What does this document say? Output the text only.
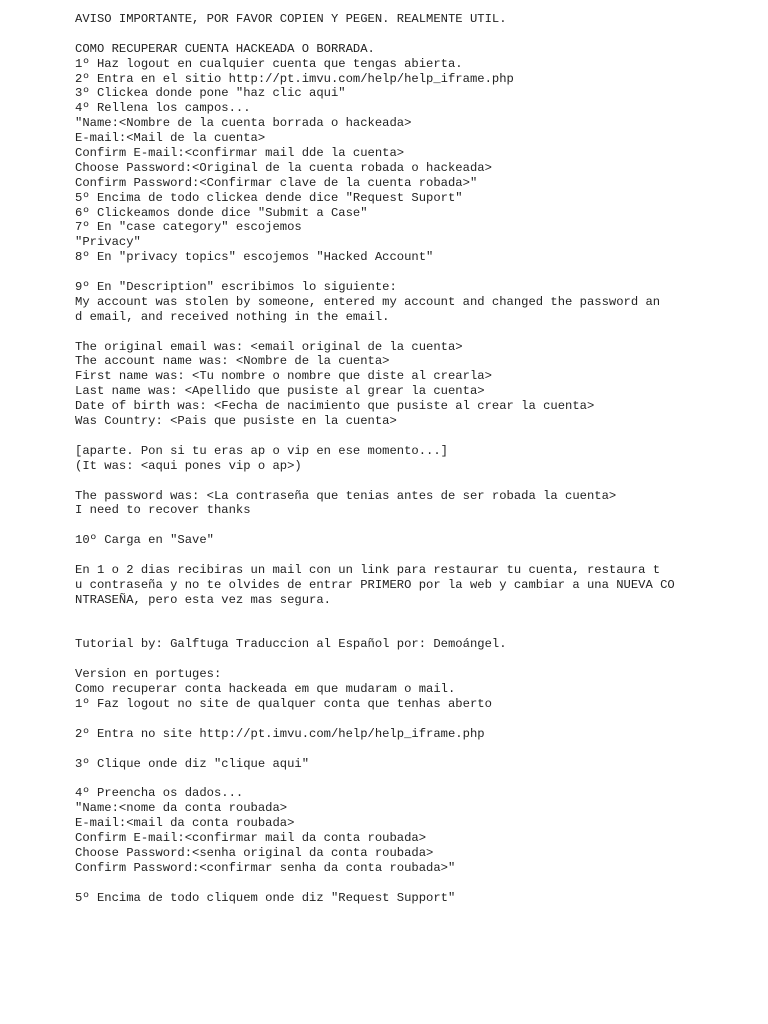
AVISO IMPORTANTE, POR FAVOR COPIEN Y PEGEN. REALMENTE UTIL.
COMO RECUPERAR CUENTA HACKEADA O BORRADA.
1º Haz logout en cualquier cuenta que tengas abierta.
2º Entra en el sitio http://pt.imvu.com/help/help_iframe.php
3º Clickea donde pone "haz clic aqui"
4º Rellena los campos...
"Name:<Nombre de la cuenta borrada o hackeada>
E-mail:<Mail de la cuenta>
Confirm E-mail:<confirmar mail dde la cuenta>
Choose Password:<Original de la cuenta robada o hackeada>
Confirm Password:<Confirmar clave de la cuenta robada>"
5º Encima de todo clickea dende dice "Request Suport"
6º Clickeamos donde dice "Submit a Case"
7º En "case category" escojemos
"Privacy"
8º En "privacy topics" escojemos "Hacked Account"
9º En "Description" escribimos lo siguiente:
My account was stolen by someone, entered my account and changed the password an
d email, and received nothing in the email.
The original email was: <email original de la cuenta>
The account name was: <Nombre de la cuenta>
First name was: <Tu nombre o nombre que diste al crearla>
Last name was: <Apellido que pusiste al grear la cuenta>
Date of birth was: <Fecha de nacimiento que pusiste al crear la cuenta>
Was Country: <Pais que pusiste en la cuenta>
[aparte. Pon si tu eras ap o vip en ese momento...]
(It was: <aqui pones vip o ap>)
The password was: <La contraseña que tenias antes de ser robada la cuenta>
I need to recover thanks
10º Carga en "Save"
En 1 o 2 dias recibiras un mail con un link para restaurar tu cuenta, restaura t
u contraseña y no te olvides de entrar PRIMERO por la web y cambiar a una NUEVA CO
NTRASEÑA, pero esta vez mas segura.
Tutorial by: Galftuga Traduccion al Español por: Demoángel.
Version en portuges:
Como recuperar conta hackeada em que mudaram o mail.
1º Faz logout no site de qualquer conta que tenhas aberto
2º Entra no site http://pt.imvu.com/help/help_iframe.php
3º Clique onde diz "clique aqui"
4º Preencha os dados...
"Name:<nome da conta roubada>
E-mail:<mail da conta roubada>
Confirm E-mail:<confirmar mail da conta roubada>
Choose Password:<senha original da conta roubada>
Confirm Password:<confirmar senha da conta roubada>"
5º Encima de todo cliquem onde diz "Request Support"
